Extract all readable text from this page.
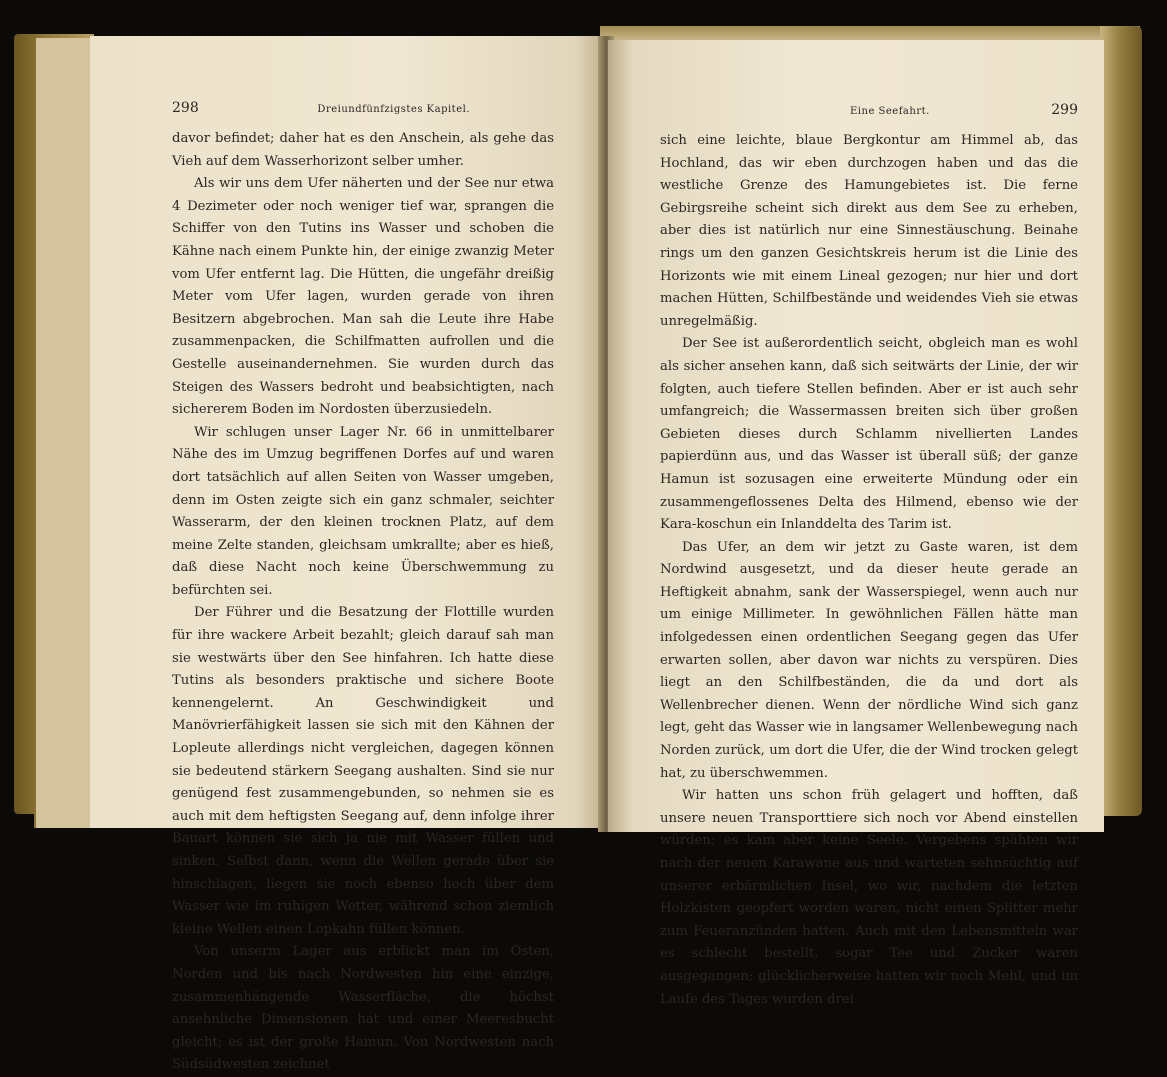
298	Dreiundfünfzigstes Kapitel.

davor befindet; daher hat es den Anschein, als gehe das Vieh auf dem Wasserhorizont selber umher.

Als wir uns dem Ufer näherten und der See nur etwa 4 Dezimeter oder noch weniger tief war, sprangen die Schiffer von den Tutins ins Wasser und schoben die Kähne nach einem Punkte hin, der einige zwanzig Meter vom Ufer entfernt lag. Die Hütten, die ungefähr dreißig Meter vom Ufer lagen, wurden gerade von ihren Besitzern abgebrochen. Man sah die Leute ihre Habe zusammenpacken, die Schilfmatten aufrollen und die Gestelle auseinandernehmen. Sie wurden durch das Steigen des Wassers bedroht und beabsichtigten, nach sichererem Boden im Nordosten überzusiedeln.

Wir schlugen unser Lager Nr. 66 in unmittelbarer Nähe des im Umzug begriffenen Dorfes auf und waren dort tatsächlich auf allen Seiten von Wasser umgeben, denn im Osten zeigte sich ein ganz schmaler, seichter Wasserarm, der den kleinen trocknen Platz, auf dem meine Zelte standen, gleichsam umkrallte; aber es hieß, daß diese Nacht noch keine Überschwemmung zu befürchten sei.

Der Führer und die Besatzung der Flottille wurden für ihre wackere Arbeit bezahlt; gleich darauf sah man sie westwärts über den See hinfahren. Ich hatte diese Tutins als besonders praktische und sichere Boote kennengelernt. An Geschwindigkeit und Manövrierfähigkeit lassen sie sich mit den Kähnen der Lopleute allerdings nicht vergleichen, dagegen können sie bedeutend stärkern Seegang aushalten. Sind sie nur genügend fest zusammengebunden, so nehmen sie es auch mit dem heftigsten Seegang auf, denn infolge ihrer Bauart können sie sich ja nie mit Wasser füllen und sinken. Selbst dann, wenn die Wellen gerade über sie hinschlagen, liegen sie noch ebenso hoch über dem Wasser wie im ruhigen Wetter, während schon ziemlich kleine Wellen einen Lopkahn füllen können.

Von unserm Lager aus erblickt man im Osten, Norden und bis nach Nordwesten hin eine einzige, zusammenhängende Wasserfläche, die höchst ansehnliche Dimensionen hat und einer Meeresbucht gleicht; es ist der große Hamun. Von Nordwesten nach Südsüdwesten zeichnet

Eine Seefahrt.	299

sich eine leichte, blaue Bergkontur am Himmel ab, das Hochland, das wir eben durchzogen haben und das die westliche Grenze des Hamungebietes ist. Die ferne Gebirgsreihe scheint sich direkt aus dem See zu erheben, aber dies ist natürlich nur eine Sinnestäuschung. Beinahe rings um den ganzen Gesichtskreis herum ist die Linie des Horizonts wie mit einem Lineal gezogen; nur hier und dort machen Hütten, Schilfbestände und weidendes Vieh sie etwas unregelmäßig.

Der See ist außerordentlich seicht, obgleich man es wohl als sicher ansehen kann, daß sich seitwärts der Linie, der wir folgten, auch tiefere Stellen befinden. Aber er ist auch sehr umfangreich; die Wassermassen breiten sich über großen Gebieten dieses durch Schlamm nivellierten Landes papierdünn aus, und das Wasser ist überall süß; der ganze Hamun ist sozusagen eine erweiterte Mündung oder ein zusammengeflossenes Delta des Hilmend, ebenso wie der Kara-koschun ein Inlanddelta des Tarim ist.

Das Ufer, an dem wir jetzt zu Gaste waren, ist dem Nordwind ausgesetzt, und da dieser heute gerade an Heftigkeit abnahm, sank der Wasserspiegel, wenn auch nur um einige Millimeter. In gewöhnlichen Fällen hätte man infolgedessen einen ordentlichen Seegang gegen das Ufer erwarten sollen, aber davon war nichts zu verspüren. Dies liegt an den Schilfbeständen, die da und dort als Wellenbrecher dienen. Wenn der nördliche Wind sich ganz legt, geht das Wasser wie in langsamer Wellenbewegung nach Norden zurück, um dort die Ufer, die der Wind trocken gelegt hat, zu überschwemmen.

Wir hatten uns schon früh gelagert und hofften, daß unsere neuen Transporttiere sich noch vor Abend einstellen würden; es kam aber keine Seele. Vergebens spähten wir nach der neuen Karawane aus und warteten sehnsüchtig auf unserer erbärmlichen Insel, wo wir, nachdem die letzten Holzkisten geopfert worden waren, nicht einen Splitter mehr zum Feueranzünden hatten. Auch mit den Lebensmitteln war es schlecht bestellt, sogar Tee und Zucker waren ausgegangen; glücklicherweise hatten wir noch Mehl, und im Laufe des Tages wurden drei
